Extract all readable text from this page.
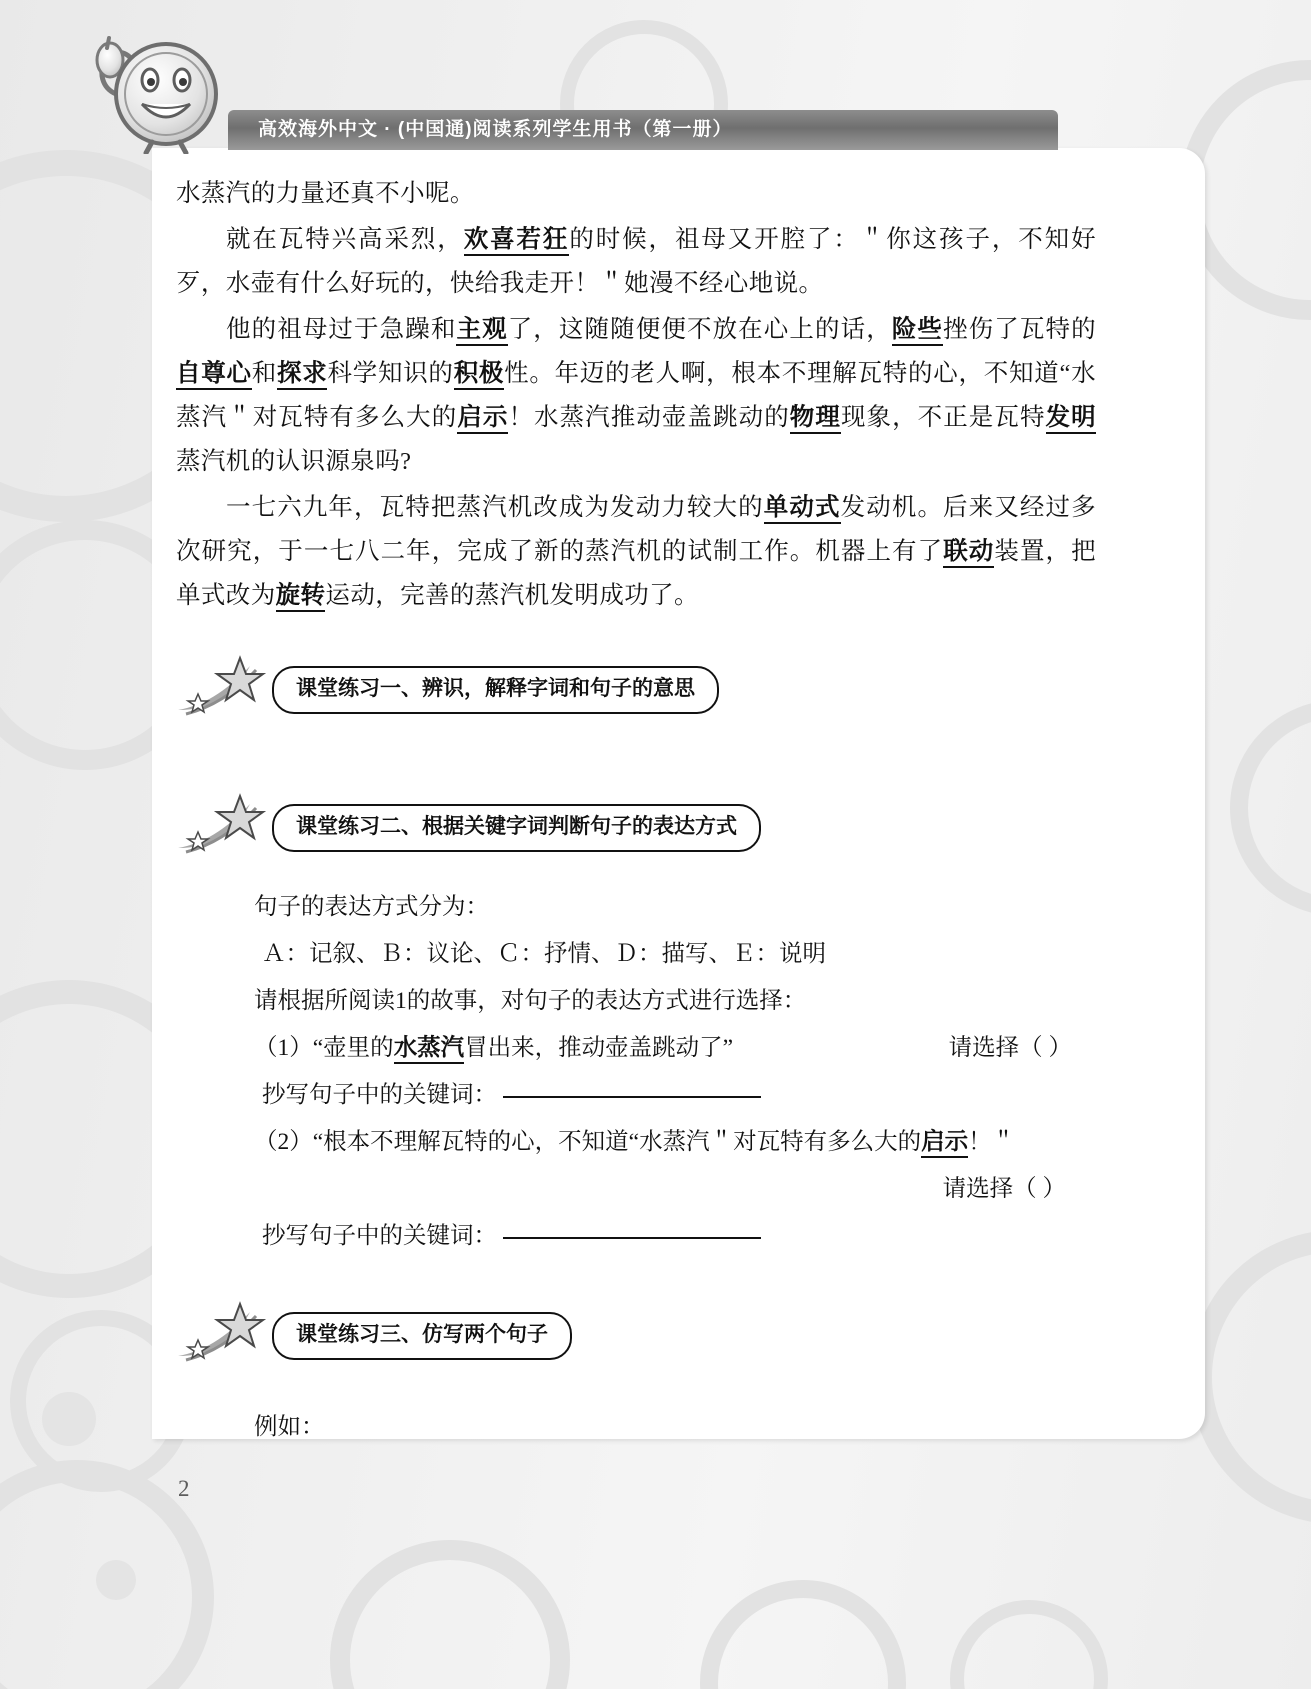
高效海外中文 · (中国通)阅读系列学生用书（第一册）

水蒸汽的力量还真不小呢。

就在瓦特兴高采烈，欢喜若狂的时候，祖母又开腔了：＂你这孩子，不知好歹，水壶有什么好玩的，快给我走开！＂她漫不经心地说。

他的祖母过于急躁和主观了，这随随便便不放在心上的话，险些挫伤了瓦特的自尊心和探求科学知识的积极性。年迈的老人啊，根本不理解瓦特的心，不知道“水蒸汽＂对瓦特有多么大的启示！水蒸汽推动壶盖跳动的物理现象，不正是瓦特发明蒸汽机的认识源泉吗?

一七六九年，瓦特把蒸汽机改成为发动力较大的单动式发动机。后来又经过多次研究，于一七八二年，完成了新的蒸汽机的试制工作。机器上有了联动装置，把单式改为旋转运动，完善的蒸汽机发明成功了。

课堂练习一、辨识，解释字词和句子的意思
课堂练习二、根据关键字词判断句子的表达方式
句子的表达方式分为：
Ａ：记叙、Ｂ：议论、Ｃ：抒情、Ｄ：描写、Ｅ：说明
请根据所阅读1的故事，对句子的表达方式进行选择：
请选择（ ）
（1）“壶里的水蒸汽冒出来，推动壶盖跳动了”
抄写句子中的关键词：
（2）“根本不理解瓦特的心，不知道“水蒸汽＂对瓦特有多么大的启示！＂
请选择（ ）
抄写句子中的关键词：
课堂练习三、仿写两个句子
例如：
2
